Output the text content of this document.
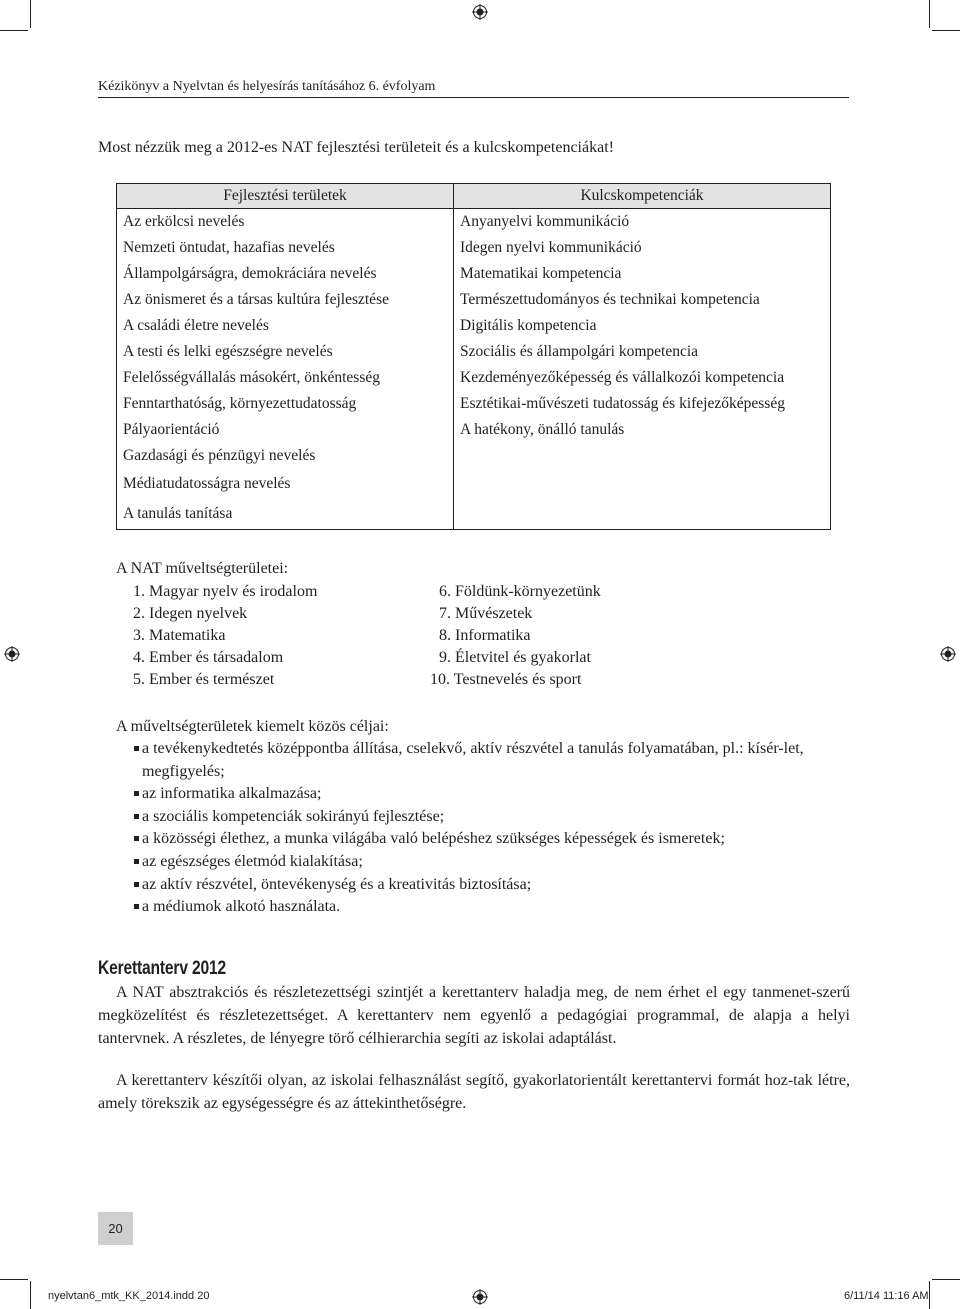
Kézikönyv a Nyelvtan és helyesírás tanításához 6. évfolyam
Most nézzük meg a 2012-es NAT fejlesztési területeit és a kulcskompetenciákat!
Fejlesztési területek	Kulcskompetenciák
Az erkölcsi nevelés	Anyanyelvi kommunikáció
Nemzeti öntudat, hazafias nevelés	Idegen nyelvi kommunikáció
Állampolgárságra, demokráciára nevelés	Matematikai kompetencia
Az önismeret és a társas kultúra fejlesztése	Természettudományos és technikai kompetencia
A családi életre nevelés	Digitális kompetencia
A testi és lelki egészségre nevelés	Szociális és állampolgári kompetencia
Felelősségvállalás másokért, önkéntesség	Kezdeményezőképesség és vállalkozói kompetencia
Fenntarthatóság, környezettudatosság	Esztétikai-művészeti tudatosság és kifejezőképesség
Pályaorientáció	A hatékony, önálló tanulás
Gazdasági és pénzügyi nevelés	
Médiatudatosságra nevelés	
A tanulás tanítása	
A NAT műveltségterületei:
1. Magyar nyelv és irodalom
2. Idegen nyelvek
3. Matematika
4. Ember és társadalom
5. Ember és természet
6. Földünk-környezetünk
7. Művészetek
8. Informatika
9. Életvitel és gyakorlat
10. Testnevelés és sport
A műveltségterületek kiemelt közös céljai:
a tevékenykedtetés középpontba állítása, cselekvő, aktív részvétel a tanulás folyamatában, pl.: kísér-let, megfigyelés;
az informatika alkalmazása;
a szociális kompetenciák sokirányú fejlesztése;
a közösségi élethez, a munka világába való belépéshez szükséges képességek és ismeretek;
az egészséges életmód kialakítása;
az aktív részvétel, öntevékenység és a kreativitás biztosítása;
a médiumok alkotó használata.
Kerettanterv 2012

A NAT absztrakciós és részletezettségi szintjét a kerettanterv haladja meg, de nem érhet el egy tanmenet-szerű megközelítést és részletezettséget. A kerettanterv nem egyenlő a pedagógiai programmal, de alapja a helyi tantervnek. A részletes, de lényegre törő célhierarchia segíti az iskolai adaptálást.

A kerettanterv készítői olyan, az iskolai felhasználást segítő, gyakorlatorientált kerettantervi formát hoz-tak létre, amely törekszik az egységességre és az áttekinthetőségre.

20
nyelvtan6_mtk_KK_2014.indd 20	6/11/14 11:16 AM
